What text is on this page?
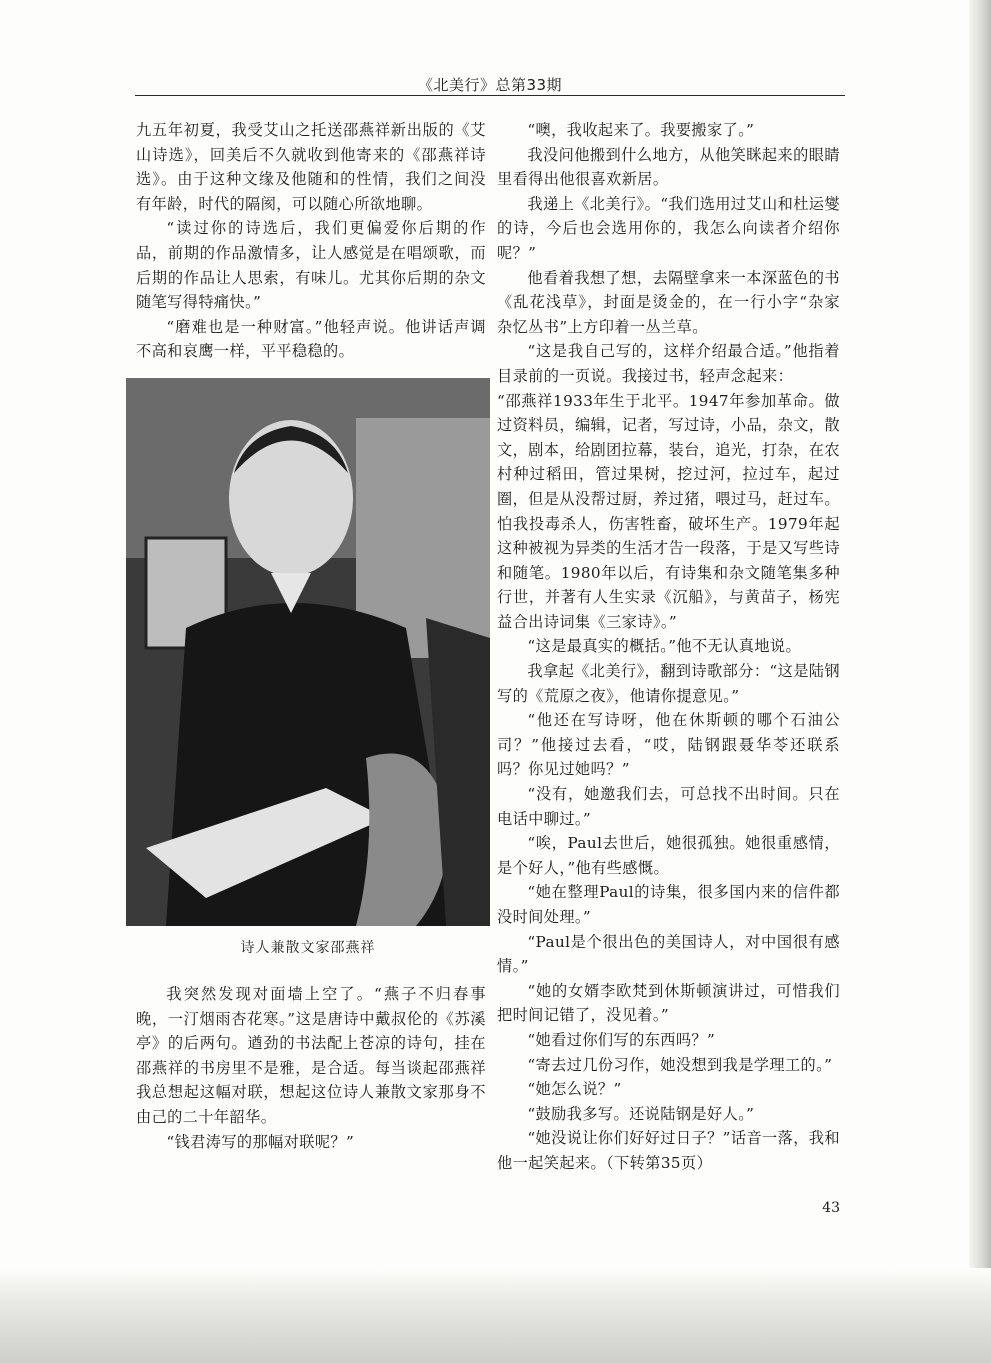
《北美行》总第33期

九五年初夏，我受艾山之托送邵燕祥新出版的《艾山诗选》，回美后不久就收到他寄来的《邵燕祥诗选》。由于这种文缘及他随和的性情，我们之间没有年龄，时代的隔阂，可以随心所欲地聊。

“读过你的诗选后，我们更偏爱你后期的作品，前期的作品激情多，让人感觉是在唱颂歌，而后期的作品让人思索，有味儿。尤其你后期的杂文随笔写得特痛快。”

“磨难也是一种财富。”他轻声说。他讲话声调不高和哀鹰一样，平平稳稳的。

诗人兼散文家邵燕祥

我突然发现对面墙上空了。“燕子不归春事晚，一汀烟雨杏花寒。”这是唐诗中戴叔伦的《苏溪亭》的后两句。遒劲的书法配上苍凉的诗句，挂在邵燕祥的书房里不是雅，是合适。每当谈起邵燕祥我总想起这幅对联，想起这位诗人兼散文家那身不由己的二十年韶华。

“钱君涛写的那幅对联呢？”

“噢，我收起来了。我要搬家了。”

我没问他搬到什么地方，从他笑眯起来的眼睛里看得出他很喜欢新居。

我递上《北美行》。“我们选用过艾山和杜运燮的诗，今后也会选用你的，我怎么向读者介绍你呢？”

他看着我想了想，去隔壁拿来一本深蓝色的书《乱花浅草》，封面是烫金的，在一行小字“杂家杂忆丛书”上方印着一丛兰草。

“这是我自己写的，这样介绍最合适。”他指着目录前的一页说。我接过书，轻声念起来：

“邵燕祥1933年生于北平。1947年参加革命。做过资料员，编辑，记者，写过诗，小品，杂文，散文，剧本，给剧团拉幕，装台，追光，打杂，在农村种过稻田，管过果树，挖过河，拉过车，起过圈，但是从没帮过厨，养过猪，喂过马，赶过车。怕我投毒杀人，伤害牲畜，破坏生产。1979年起这种被视为异类的生活才告一段落，于是又写些诗和随笔。1980年以后，有诗集和杂文随笔集多种行世，并著有人生实录《沉船》，与黄苗子，杨宪益合出诗词集《三家诗》。”

“这是最真实的概括。”他不无认真地说。

我拿起《北美行》，翻到诗歌部分：“这是陆钢写的《荒原之夜》，他请你提意见。”

“他还在写诗呀，他在休斯顿的哪个石油公司？”他接过去看，“哎，陆钢跟聂华苓还联系吗？你见过她吗？”

“没有，她邀我们去，可总找不出时间。只在电话中聊过。”

“唉，Paul去世后，她很孤独。她很重感情，是个好人，”他有些感慨。

“她在整理Paul的诗集，很多国内来的信件都没时间处理。”

“Paul是个很出色的美国诗人，对中国很有感情。”

“她的女婿李欧梵到休斯顿演讲过，可惜我们把时间记错了，没见着。”

“她看过你们写的东西吗？”

“寄去过几份习作，她没想到我是学理工的。”

“她怎么说？”

“鼓励我多写。还说陆钢是好人。”

“她没说让你们好好过日子？”话音一落，我和他一起笑起来。（下转第35页）

43
